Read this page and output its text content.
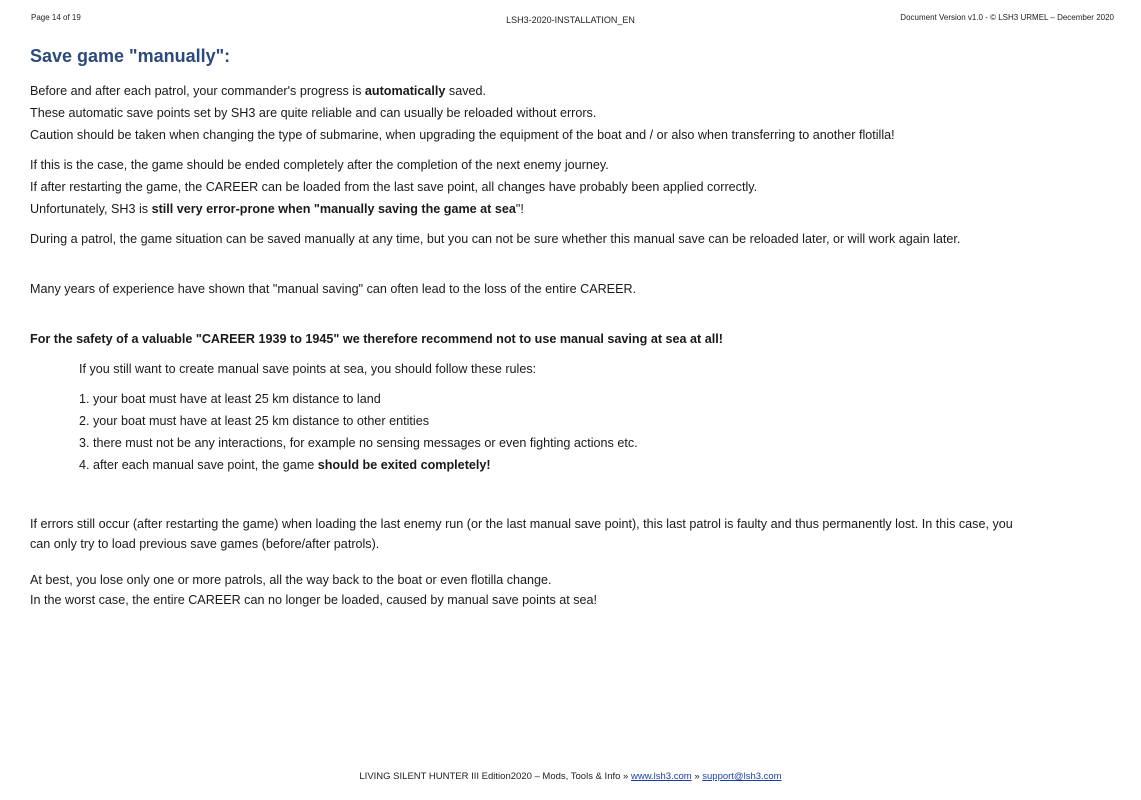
Page 14 of 19	LSH3-2020-INSTALLATION_EN	Document Version v1.0 - © LSH3 URMEL – December 2020
Save game "manually":

Before and after each patrol, your commander's progress is automatically saved.

These automatic save points set by SH3 are quite reliable and can usually be reloaded without errors.

Caution should be taken when changing the type of submarine, when upgrading the equipment of the boat and / or also when transferring to another flotilla!

If this is the case, the game should be ended completely after the completion of the next enemy journey.

If after restarting the game, the CAREER can be loaded from the last save point, all changes have probably been applied correctly.

Unfortunately, SH3 is still very error-prone when "manually saving the game at sea"!

During a patrol, the game situation can be saved manually at any time, but you can not be sure whether this manual save can be reloaded later, or will work again later.

Many years of experience have shown that "manual saving" can often lead to the loss of the entire CAREER.

For the safety of a valuable "CAREER 1939 to 1945" we therefore recommend not to use manual saving at sea at all!

If you still want to create manual save points at sea, you should follow these rules:

1. your boat must have at least 25 km distance to land

2. your boat must have at least 25 km distance to other entities

3. there must not be any interactions, for example no sensing messages or even fighting actions etc.

4. after each manual save point, the game should be exited completely!

If errors still occur (after restarting the game) when loading the last enemy run (or the last manual save point), this last patrol is faulty and thus permanently lost. In this case, you

can only try to load previous save games (before/after patrols).

At best, you lose only one or more patrols, all the way back to the boat or even flotilla change.

In the worst case, the entire CAREER can no longer be loaded, caused by manual save points at sea!

LIVING SILENT HUNTER III Edition2020 – Mods, Tools & Info » www.lsh3.com » support@lsh3.com
